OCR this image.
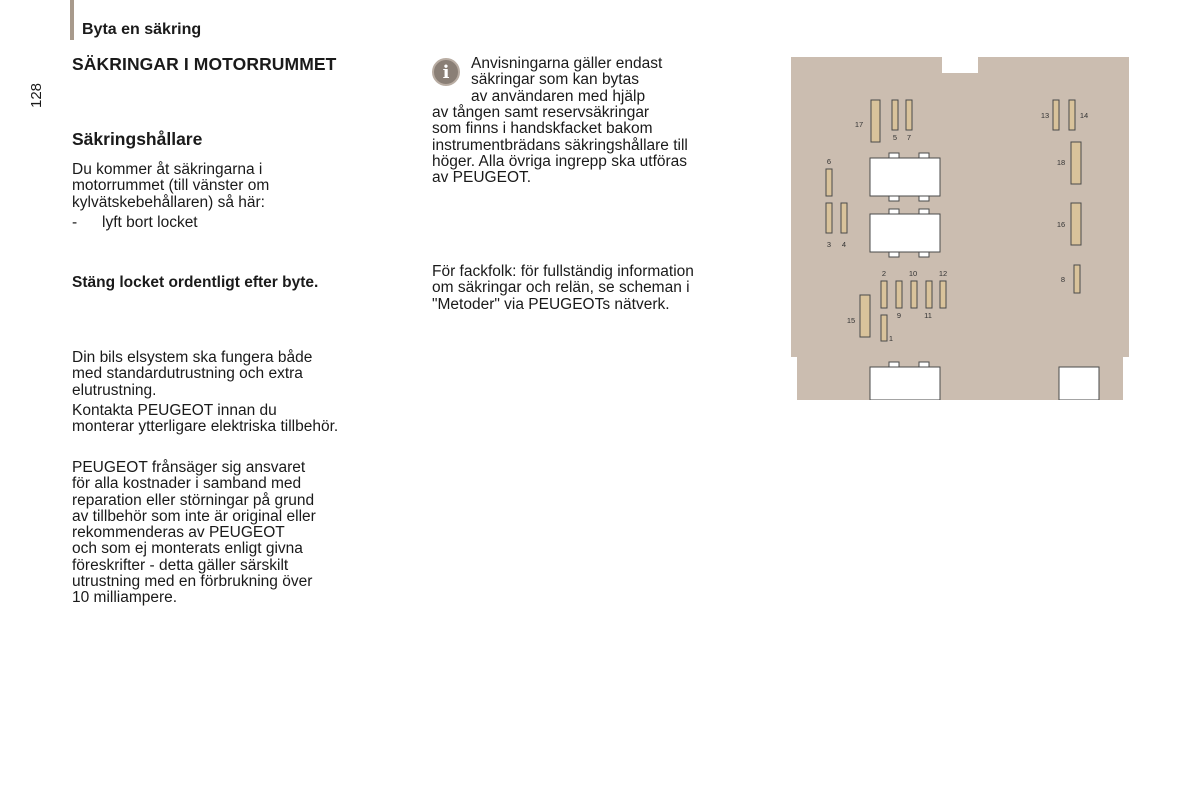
Byta en säkring
128
SÄKRINGAR I MOTORRUMMET
Säkringshållare
Du kommer åt säkringarna i
motorrummet (till vänster om
kylvätskebehållaren) så här:
- lyft bort locket
Stäng locket ordentligt efter byte.
Din bils elsystem ska fungera både
med standardutrustning och extra
elutrustning.
Kontakta PEUGEOT innan du
monterar ytterligare elektriska tillbehör.
PEUGEOT frånsäger sig ansvaret
för alla kostnader i samband med
reparation eller störningar på grund
av tillbehör som inte är original eller
rekommenderas av PEUGEOT
och som ej monterats enligt givna
föreskrifter - detta gäller särskilt
utrustning med en förbrukning över
10 milliampere.
i	Anvisningarna gäller endast
säkringar som kan bytas
av användaren med hjälp
av tången samt reservsäkringar
som finns i handskfacket bakom
instrumentbrädans säkringshållare till
höger. Alla övriga ingrepp ska utföras
av PEUGEOT.
För fackfolk: för fullständig information
om säkringar och relän, se scheman i
"Metoder" via PEUGEOTs nätverk.
17
5 7
13	14
6	18
3 4
16
2	10	12
8
15
9	11
1
